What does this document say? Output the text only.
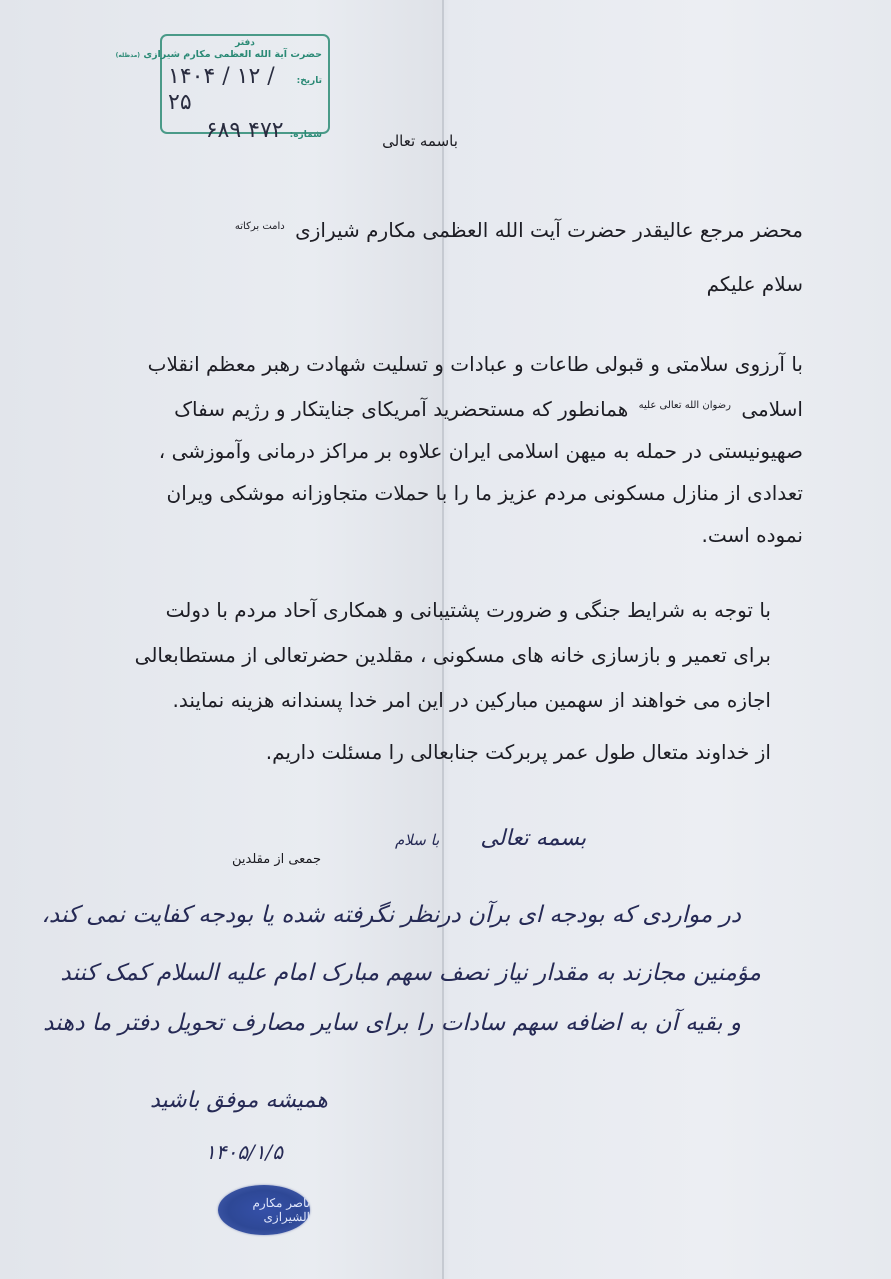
دفتر
حضرت آیة الله العظمی مکارم شیرازی (مدظله)
تاریخ:
۱۴۰۴ / ۱۲ / ۲۵
شماره:
۶۸۹ ۴۷۲	باسمه تعالی
محضر مرجع عالیقدر حضرت آیت الله العظمی مکارم شیرازی $^{دامت برکاته}$
سلام علیکم
با آرزوی سلامتی و قبولی طاعات و عبادات و تسلیت شهادت رهبر معظم انقلاب
اسلامی $^{رضوان الله تعالی علیه}$ همانطور که مستحضرید آمریکای جنایتکار و رژیم سفاک
صهیونیستی در حمله به میهن اسلامی ایران علاوه بر مراکز درمانی وآموزشی ،
تعدادی از منازل مسکونی مردم عزیز ما را با حملات متجاوزانه موشکی ویران
نموده است.
با توجه به شرایط جنگی و ضرورت پشتیبانی و همکاری آحاد مردم با دولت
برای تعمیر و بازسازی خانه های مسکونی ، مقلدین حضرتعالی از مستطابعالی
اجازه می خواهند از سهمین مبارکین در این امر خدا پسندانه هزینه نمایند.
از خداوند متعال طول عمر پربرکت جنابعالی را مسئلت داریم.
جمعی از مقلدین
بسمه تعالی با سلام
در مواردی که بودجه ای برآن درنظر نگرفته شده یا بودجه کفایت نمی کند،
مؤمنین مجازند به مقدار نیاز نصف سهم مبارک امام علیه السلام کمک کنند
و بقیه آن به اضافه سهم سادات را برای سایر مصارف تحویل دفتر ما دهند
همیشه موفق باشید
۱۴۰۵/۱/۵
ناصر مکارم الشیرازی
